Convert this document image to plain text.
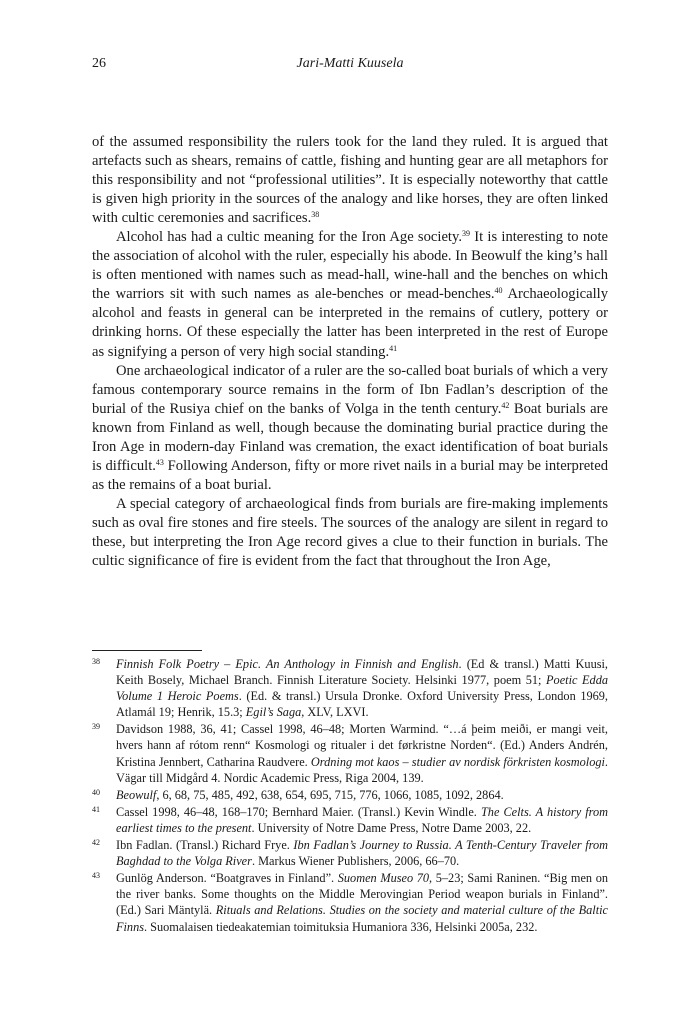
26	Jari-Matti Kuusela

of the assumed responsibility the rulers took for the land they ruled. It is argued that artefacts such as shears, remains of cattle, fishing and hunting gear are all metaphors for this responsibility and not “professional utilities”. It is especially noteworthy that cattle is given high priority in the sources of the analogy and like horses, they are often linked with cultic ceremonies and sacrifices.$^{38}$

Alcohol has had a cultic meaning for the Iron Age society.$^{39}$ It is interesting to note the association of alcohol with the ruler, especially his abode. In Beowulf the king’s hall is often mentioned with names such as mead-hall, wine-hall and the benches on which the warriors sit with such names as ale-benches or mead-benches.$^{40}$ Archaeologically alcohol and feasts in general can be interpreted in the remains of cutlery, pottery or drinking horns. Of these especially the latter has been interpreted in the rest of Europe as signifying a person of very high social standing.$^{41}$

One archaeological indicator of a ruler are the so-called boat burials of which a very famous contemporary source remains in the form of Ibn Fadlan’s description of the burial of the Rusiya chief on the banks of Volga in the tenth century.$^{42}$ Boat burials are known from Finland as well, though because the dominating burial practice during the Iron Age in modern-day Finland was cremation, the exact identification of boat burials is difficult.$^{43}$ Following Anderson, fifty or more rivet nails in a burial may be interpreted as the remains of a boat burial.

A special category of archaeological finds from burials are fire-making implements such as oval fire stones and fire steels. The sources of the analogy are silent in regard to these, but interpreting the Iron Age record gives a clue to their function in burials. The cultic significance of fire is evident from the fact that throughout the Iron Age,

38 Finnish Folk Poetry – Epic. An Anthology in Finnish and English. (Ed & transl.) Matti Kuusi, Keith Bosely, Michael Branch. Finnish Literature Society. Helsinki 1977, poem 51; Poetic Edda Volume 1 Heroic Poems. (Ed. & transl.) Ursula Dronke. Oxford University Press, London 1969, Atlamál 19; Henrik, 15.3; Egil’s Saga, XLV, LXVI.
39 Davidson 1988, 36, 41; Cassel 1998, 46–48; Morten Warmind. “…á þeim meiði, er mangi veit, hvers hann af rótom renn“ Kosmologi og ritualer i det førkristne Norden“. (Ed.) Anders Andrén, Kristina Jennbert, Catharina Raudvere. Ordning mot kaos – studier av nordisk förkristen kosmologi. Vägar till Midgård 4. Nordic Academic Press, Riga 2004, 139.
40 Beowulf, 6, 68, 75, 485, 492, 638, 654, 695, 715, 776, 1066, 1085, 1092, 2864.
41 Cassel 1998, 46–48, 168–170; Bernhard Maier. (Transl.) Kevin Windle. The Celts. A history from earliest times to the present. University of Notre Dame Press, Notre Dame 2003, 22.
42 Ibn Fadlan. (Transl.) Richard Frye. Ibn Fadlan’s Journey to Russia. A Tenth-Century Traveler from Baghdad to the Volga River. Markus Wiener Publishers, 2006, 66–70.
43 Gunlög Anderson. “Boatgraves in Finland”. Suomen Museo 70, 5–23; Sami Raninen. “Big men on the river banks. Some thoughts on the Middle Merovingian Period weapon burials in Finland”. (Ed.) Sari Mäntylä. Rituals and Relations. Studies on the society and material culture of the Baltic Finns. Suomalaisen tiedeakatemian toimituksia Humaniora 336, Helsinki 2005a, 232.
